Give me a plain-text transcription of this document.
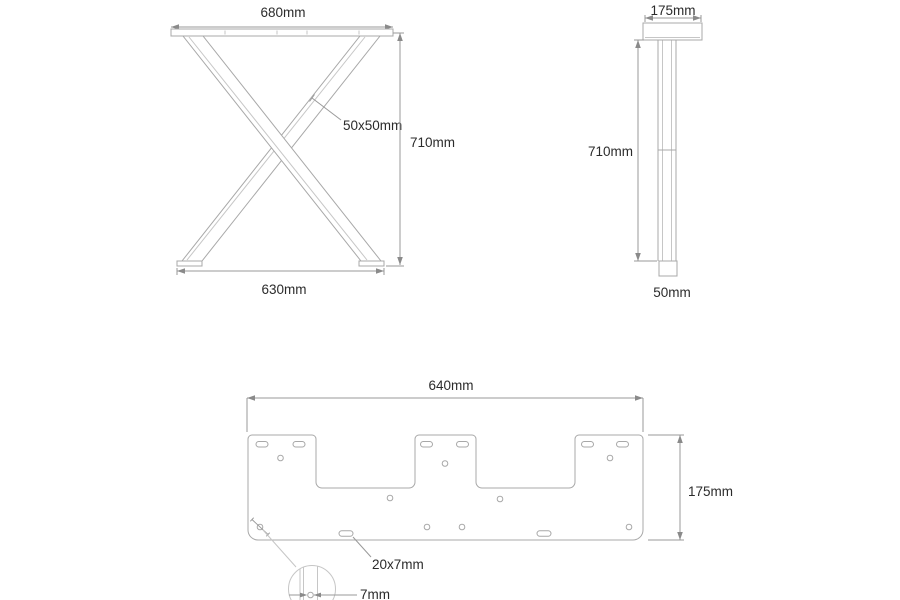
680mm
50x50mm
710mm
630mm
175mm
710mm
50mm
640mm
175mm
20x7mm
7mm
